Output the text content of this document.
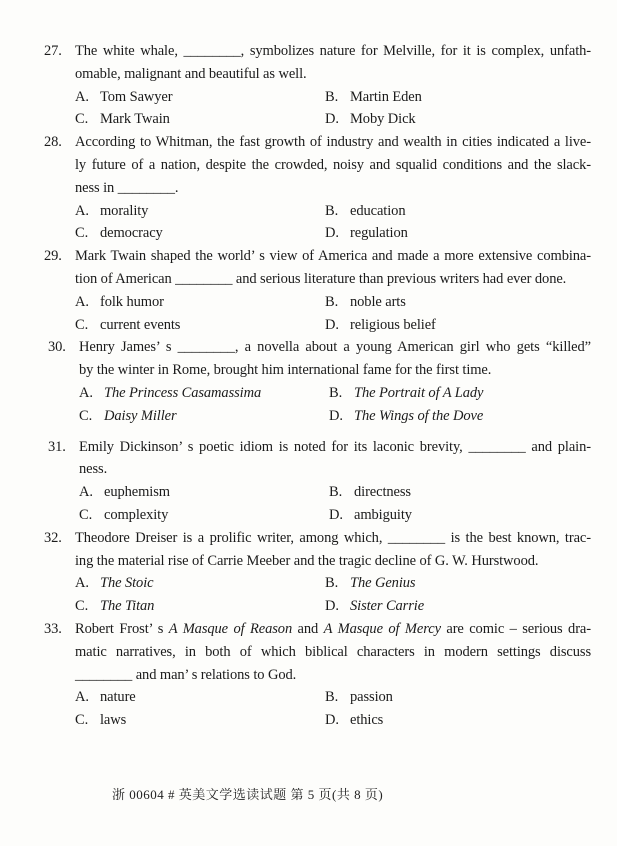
27. The white whale, ________, symbolizes nature for Melville, for it is complex, unfath-
omable, malignant and beautiful as well.
A. Tom Sawyer	B. Martin Eden
C. Mark Twain	D. Moby Dick
28. According to Whitman, the fast growth of industry and wealth in cities indicated a live-
ly future of a nation, despite the crowded, noisy and squalid conditions and the slack-
ness in ________.
A. morality	B. education
C. democracy	D. regulation
29. Mark Twain shaped the world’ s view of America and made a more extensive combina-
tion of American ________ and serious literature than previous writers had ever done.
A. folk humor	B. noble arts
C. current events	D. religious belief
30. Henry James’ s ________, a novella about a young American girl who gets “killed”
by the winter in Rome, brought him international fame for the first time.
A. The Princess Casamassima	B. The Portrait of A Lady
C. Daisy Miller	D. The Wings of the Dove
31. Emily Dickinson’ s poetic idiom is noted for its laconic brevity, ________ and plain-
ness.
A. euphemism	B. directness
C. complexity	D. ambiguity
32. Theodore Dreiser is a prolific writer, among which, ________ is the best known, trac-
ing the material rise of Carrie Meeber and the tragic decline of G. W. Hurstwood.
A. The Stoic	B. The Genius
C. The Titan	D. Sister Carrie
33. Robert Frost’ s A Masque of Reason and A Masque of Mercy are comic – serious dra-
matic narratives, in both of which biblical characters in modern settings discuss
________ and man’ s relations to God.
A. nature	B. passion
C. laws	D. ethics
浙 00604 # 英美文学选读试题 第 5 页(共 8 页)
